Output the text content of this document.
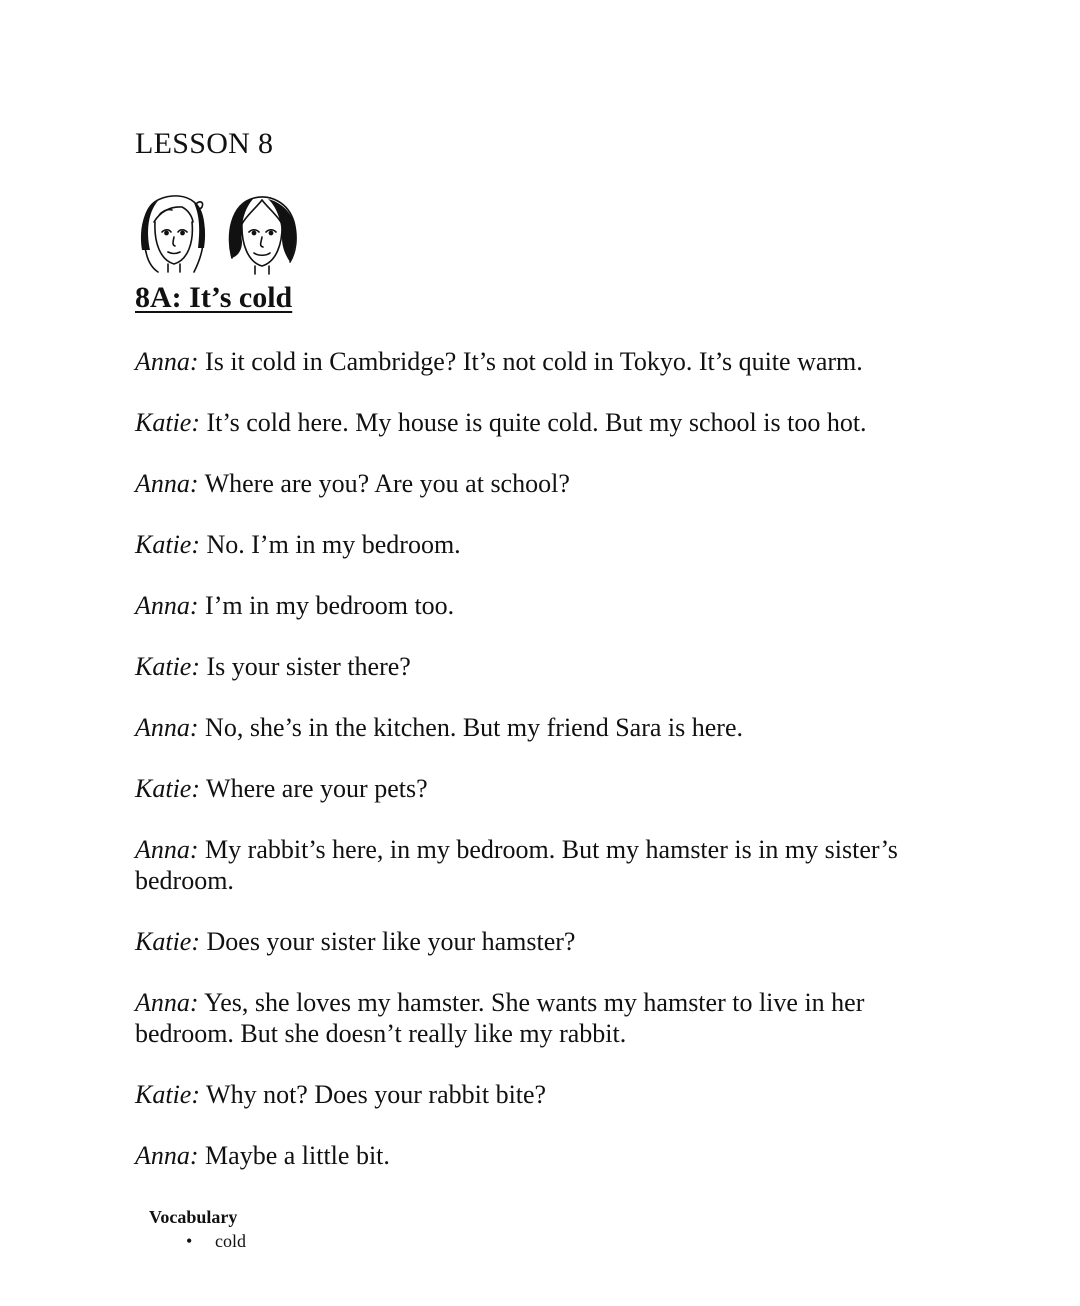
LESSON 8
8A: It’s cold
Anna: Is it cold in Cambridge? It’s not cold in Tokyo. It’s quite warm.
Katie: It’s cold here. My house is quite cold. But my school is too hot.
Anna: Where are you? Are you at school?
Katie: No. I’m in my bedroom.
Anna: I’m in my bedroom too.
Katie: Is your sister there?
Anna: No, she’s in the kitchen. But my friend Sara is here.
Katie: Where are your pets?
Anna: My rabbit’s here, in my bedroom. But my hamster is in my sister’s bedroom.
Katie: Does your sister like your hamster?
Anna: Yes, she loves my hamster. She wants my hamster to live in her bedroom. But she doesn’t really like my rabbit.
Katie: Why not? Does your rabbit bite?
Anna: Maybe a little bit.

Vocabulary

• cold
